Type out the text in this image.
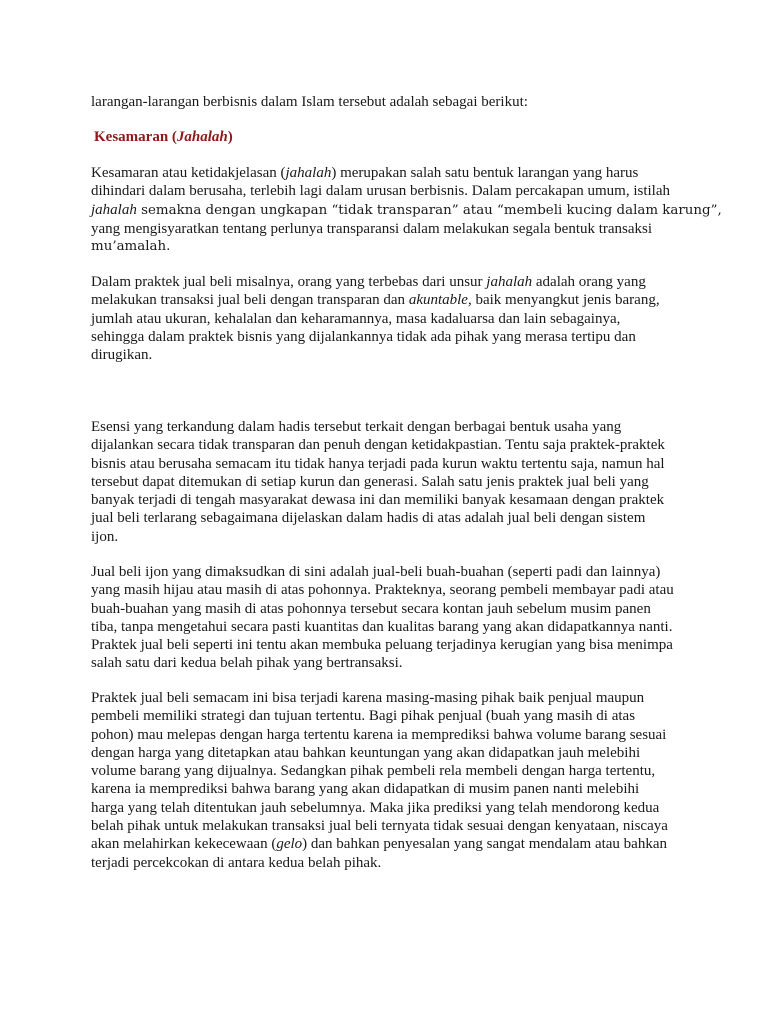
larangan-larangan berbisnis dalam Islam tersebut adalah sebagai berikut:

Kesamaran (Jahalah)

Kesamaran atau ketidakjelasan (jahalah) merupakan salah satu bentuk larangan yang harus
dihindari dalam berusaha, terlebih lagi dalam urusan berbisnis. Dalam percakapan umum, istilah
jahalah semakna dengan ungkapan “tidak transparan” atau “membeli kucing dalam karung”,
yang mengisyaratkan tentang perlunya transparansi dalam melakukan segala bentuk transaksi
mu’amalah.

Dalam praktek jual beli misalnya, orang yang terbebas dari unsur jahalah adalah orang yang
melakukan transaksi jual beli dengan transparan dan akuntable, baik menyangkut jenis barang,
jumlah atau ukuran, kehalalan dan keharamannya, masa kadaluarsa dan lain sebagainya,
sehingga dalam praktek bisnis yang dijalankannya tidak ada pihak yang merasa tertipu dan
dirugikan.

Esensi yang terkandung dalam hadis tersebut terkait dengan berbagai bentuk usaha yang
dijalankan secara tidak transparan dan penuh dengan ketidakpastian. Tentu saja praktek-praktek
bisnis atau berusaha semacam itu tidak hanya terjadi pada kurun waktu tertentu saja, namun hal
tersebut dapat ditemukan di setiap kurun dan generasi. Salah satu jenis praktek jual beli yang
banyak terjadi di tengah masyarakat dewasa ini dan memiliki banyak kesamaan dengan praktek
jual beli terlarang sebagaimana dijelaskan dalam hadis di atas adalah jual beli dengan sistem
ijon.

Jual beli ijon yang dimaksudkan di sini adalah jual-beli buah-buahan (seperti padi dan lainnya)
yang masih hijau atau masih di atas pohonnya. Prakteknya, seorang pembeli membayar padi atau
buah-buahan yang masih di atas pohonnya tersebut secara kontan jauh sebelum musim panen
tiba, tanpa mengetahui secara pasti kuantitas dan kualitas barang yang akan didapatkannya nanti.
Praktek jual beli seperti ini tentu akan membuka peluang terjadinya kerugian yang bisa menimpa
salah satu dari kedua belah pihak yang bertransaksi.

Praktek jual beli semacam ini bisa terjadi karena masing-masing pihak baik penjual maupun
pembeli memiliki strategi dan tujuan tertentu. Bagi pihak penjual (buah yang masih di atas
pohon) mau melepas dengan harga tertentu karena ia memprediksi bahwa volume barang sesuai
dengan harga yang ditetapkan atau bahkan keuntungan yang akan didapatkan jauh melebihi
volume barang yang dijualnya. Sedangkan pihak pembeli rela membeli dengan harga tertentu,
karena ia memprediksi bahwa barang yang akan didapatkan di musim panen nanti melebihi
harga yang telah ditentukan jauh sebelumnya. Maka jika prediksi yang telah mendorong kedua
belah pihak untuk melakukan transaksi jual beli ternyata tidak sesuai dengan kenyataan, niscaya
akan melahirkan kekecewaan (gelo) dan bahkan penyesalan yang sangat mendalam atau bahkan
terjadi percekcokan di antara kedua belah pihak.
